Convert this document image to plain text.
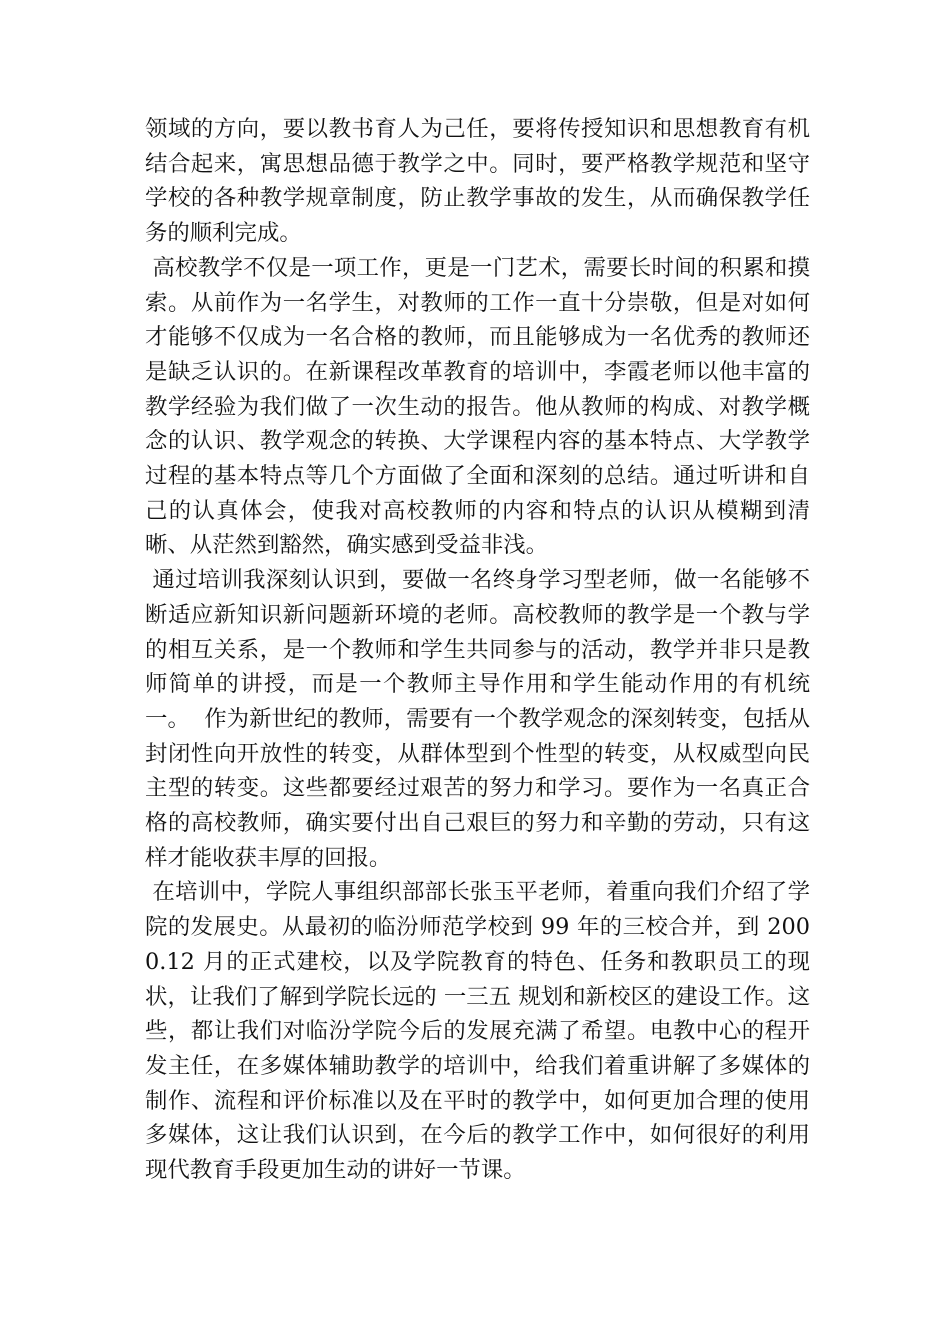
领域的方向，要以教书育人为己任，要将传授知识和思想教育有机结合起来，寓思想品德于教学之中。同时，要严格教学规范和坚守学校的各种教学规章制度，防止教学事故的发生，从而确保教学任务的顺利完成。

高校教学不仅是一项工作，更是一门艺术，需要长时间的积累和摸索。从前作为一名学生，对教师的工作一直十分崇敬，但是对如何才能够不仅成为一名合格的教师，而且能够成为一名优秀的教师还是缺乏认识的。在新课程改革教育的培训中，李霞老师以他丰富的教学经验为我们做了一次生动的报告。他从教师的构成、对教学概念的认识、教学观念的转换、大学课程内容的基本特点、大学教学过程的基本特点等几个方面做了全面和深刻的总结。通过听讲和自己的认真体会，使我对高校教师的内容和特点的认识从模糊到清晰、从茫然到豁然，确实感到受益非浅。

通过培训我深刻认识到，要做一名终身学习型老师，做一名能够不断适应新知识新问题新环境的老师。高校教师的教学是一个教与学的相互关系，是一个教师和学生共同参与的活动，教学并非只是教师简单的讲授，而是一个教师主导作用和学生能动作用的有机统一。  作为新世纪的教师，需要有一个教学观念的深刻转变，包括从封闭性向开放性的转变，从群体型到个性型的转变，从权威型向民主型的转变。这些都要经过艰苦的努力和学习。要作为一名真正合格的高校教师，确实要付出自己艰巨的努力和辛勤的劳动，只有这样才能收获丰厚的回报。

在培训中，学院人事组织部部长张玉平老师，着重向我们介绍了学院的发展史。从最初的临汾师范学校到 99 年的三校合并，到 2000.12 月的正式建校，以及学院教育的特色、任务和教职员工的现状，让我们了解到学院长远的 一三五 规划和新校区的建设工作。这些，都让我们对临汾学院今后的发展充满了希望。电教中心的程开发主任，在多媒体辅助教学的培训中，给我们着重讲解了多媒体的制作、流程和评价标准以及在平时的教学中，如何更加合理的使用多媒体，这让我们认识到，在今后的教学工作中，如何很好的利用现代教育手段更加生动的讲好一节课。
